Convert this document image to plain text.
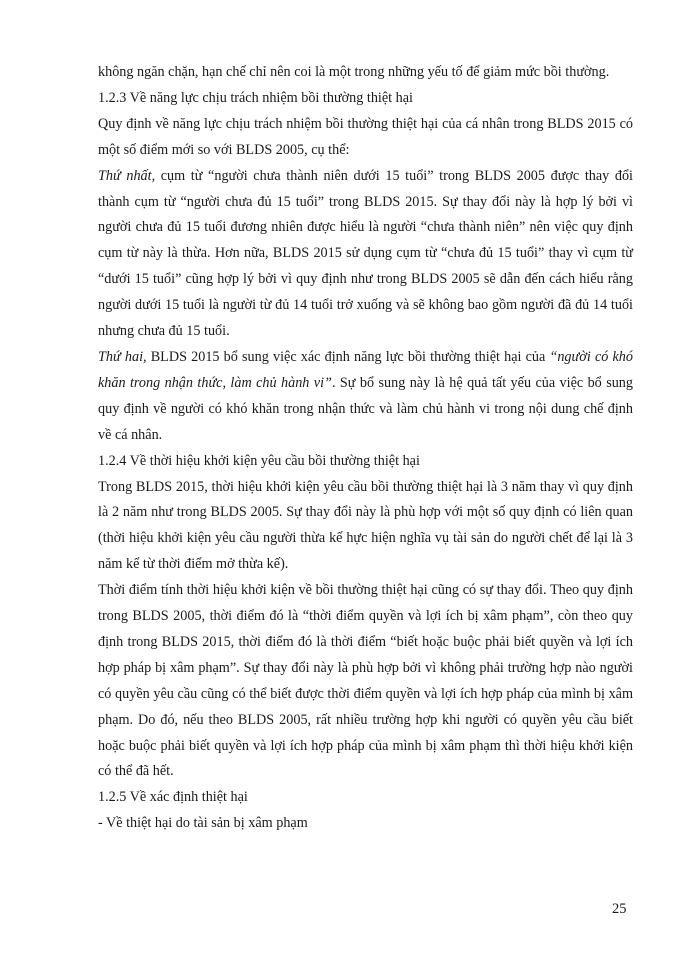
không ngăn chặn, hạn chế chỉ nên coi là một trong những yếu tố để giảm mức bồi thường.

1.2.3 Về năng lực chịu trách nhiệm bồi thường thiệt hại

Quy định về năng lực chịu trách nhiệm bồi thường thiệt hại của cá nhân trong BLDS 2015 có một số điểm mới so với BLDS 2005, cụ thể:

Thứ nhất, cụm từ “người chưa thành niên dưới 15 tuổi” trong BLDS 2005 được thay đổi thành cụm từ “người chưa đủ 15 tuổi” trong BLDS 2015. Sự thay đổi này là hợp lý bởi vì người chưa đủ 15 tuổi đương nhiên được hiểu là người “chưa thành niên” nên việc quy định cụm từ này là thừa. Hơn nữa, BLDS 2015 sử dụng cụm từ “chưa đủ 15 tuổi” thay vì cụm từ “dưới 15 tuổi” cũng hợp lý bởi vì quy định như trong BLDS 2005 sẽ dẫn đến cách hiểu rằng người dưới 15 tuổi là người từ đủ 14 tuổi trở xuống và sẽ không bao gồm người đã đủ 14 tuổi nhưng chưa đủ 15 tuổi.

Thứ hai, BLDS 2015 bổ sung việc xác định năng lực bồi thường thiệt hại của “người có khó khăn trong nhận thức, làm chủ hành vi”. Sự bổ sung này là hệ quả tất yếu của việc bổ sung quy định về người có khó khăn trong nhận thức và làm chủ hành vi trong nội dung chế định về cá nhân.

1.2.4 Về thời hiệu khởi kiện yêu cầu bồi thường thiệt hại

Trong BLDS 2015, thời hiệu khởi kiện yêu cầu bồi thường thiệt hại là 3 năm thay vì quy định là 2 năm như trong BLDS 2005. Sự thay đổi này là phù hợp với một số quy định có liên quan (thời hiệu khởi kiện yêu cầu người thừa kế hực hiện nghĩa vụ tài sản do người chết để lại là 3 năm kể từ thời điểm mở thừa kế).

Thời điểm tính thời hiệu khởi kiện về bồi thường thiệt hại cũng có sự thay đổi. Theo quy định trong BLDS 2005, thời điểm đó là “thời điểm quyền và lợi ích bị xâm phạm”, còn theo quy định trong BLDS 2015, thời điểm đó là thời điểm “biết hoặc buộc phải biết quyền và lợi ích hợp pháp bị xâm phạm”. Sự thay đổi này là phù hợp bởi vì không phải trường hợp nào người có quyền yêu cầu cũng có thể biết được thời điểm quyền và lợi ích hợp pháp của mình bị xâm phạm. Do đó, nếu theo BLDS 2005, rất nhiều trường hợp khi người có quyền yêu cầu biết hoặc buộc phải biết quyền và lợi ích hợp pháp của mình bị xâm phạm thì thời hiệu khởi kiện có thể đã hết.

1.2.5 Về xác định thiệt hại

- Về thiệt hại do tài sản bị xâm phạm

25
